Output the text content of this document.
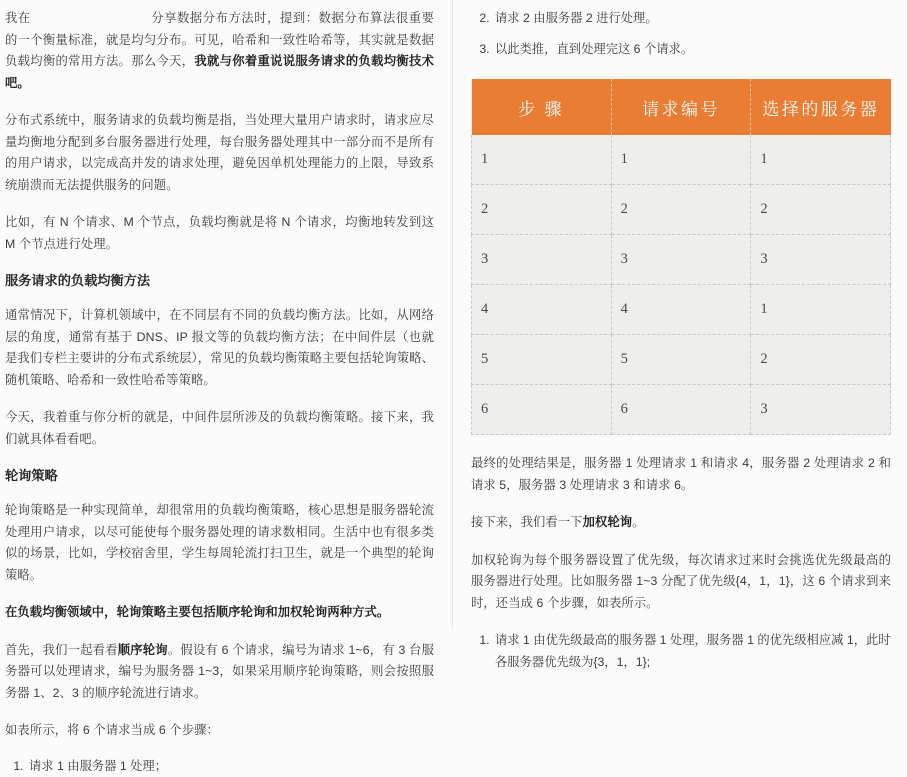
我在	分享数据分布方法时，提到：数据分布算法很重要的一个衡量标准，就是均匀分布。可见，哈希和一致性哈希等，其实就是数据负载均衡的常用方法。那么今天，我就与你着重说说服务请求的负载均衡技术吧。

分布式系统中，服务请求的负载均衡是指，当处理大量用户请求时，请求应尽量均衡地分配到多台服务器进行处理，每台服务器处理其中一部分而不是所有的用户请求，以完成高并发的请求处理，避免因单机处理能力的上限，导致系统崩溃而无法提供服务的问题。

比如，有 N 个请求、M 个节点，负载均衡就是将 N 个请求，均衡地转发到这 M 个节点进行处理。

服务请求的负载均衡方法

通常情况下，计算机领域中，在不同层有不同的负载均衡方法。比如，从网络层的角度，通常有基于 DNS、IP 报文等的负载均衡方法；在中间件层（也就是我们专栏主要讲的分布式系统层），常见的负载均衡策略主要包括轮询策略、随机策略、哈希和一致性哈希等策略。

今天，我着重与你分析的就是，中间件层所涉及的负载均衡策略。接下来，我们就具体看看吧。

轮询策略

轮询策略是一种实现简单，却很常用的负载均衡策略，核心思想是服务器轮流处理用户请求，以尽可能使每个服务器处理的请求数相同。生活中也有很多类似的场景，比如，学校宿舍里，学生每周轮流打扫卫生，就是一个典型的轮询策略。

在负载均衡领域中，轮询策略主要包括顺序轮询和加权轮询两种方式。

首先，我们一起看看顺序轮询。假设有 6 个请求，编号为请求 1~6，有 3 台服务器可以处理请求，编号为服务器 1~3，如果采用顺序轮询策略，则会按照服务器 1、2、3 的顺序轮流进行请求。

如表所示，将 6 个请求当成 6 个步骤：

1. 请求 1 由服务器 1 处理；
2. 请求 2 由服务器 2 进行处理。
3. 以此类推，直到处理完这 6 个请求。
步 骤	请求编号	选择的服务器
1	1	1
2	2	2
3	3	3
4	4	1
5	5	2
6	6	3

最终的处理结果是，服务器 1 处理请求 1 和请求 4，服务器 2 处理请求 2 和请求 5，服务器 3 处理请求 3 和请求 6。

接下来，我们看一下加权轮询。

加权轮询为每个服务器设置了优先级，每次请求过来时会挑选优先级最高的服务器进行处理。比如服务器 1~3 分配了优先级{4，1，1}，这 6 个请求到来时，还当成 6 个步骤，如表所示。

1. 请求 1 由优先级最高的服务器 1 处理，服务器 1 的优先级相应减 1，此时各服务器优先级为{3，1，1};
